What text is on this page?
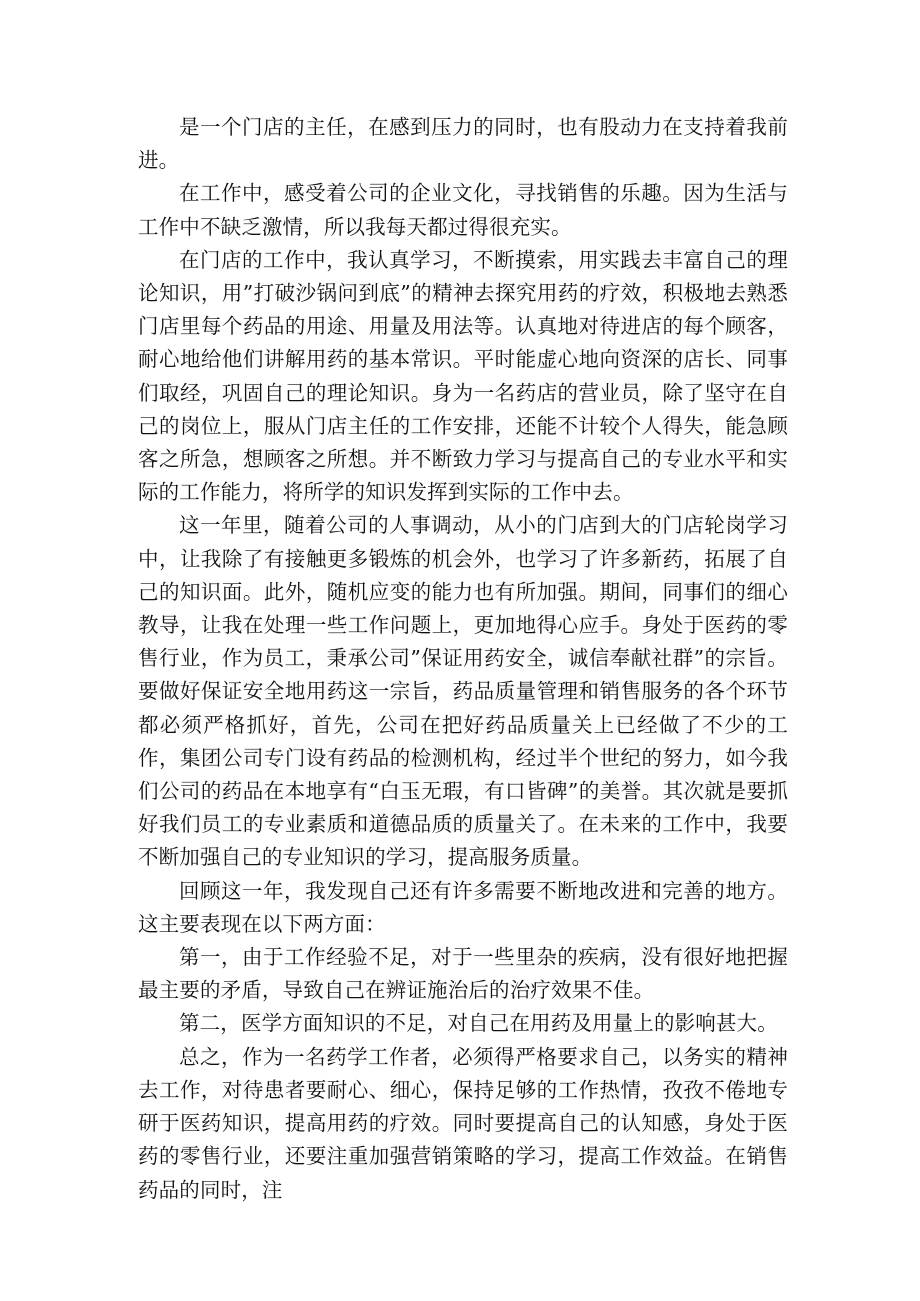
是一个门店的主任，在感到压力的同时，也有股动力在支持着我前进。

在工作中，感受着公司的企业文化，寻找销售的乐趣。因为生活与工作中不缺乏激情，所以我每天都过得很充实。

在门店的工作中，我认真学习，不断摸索，用实践去丰富自己的理论知识，用”打破沙锅问到底”的精神去探究用药的疗效，积极地去熟悉门店里每个药品的用途、用量及用法等。认真地对待进店的每个顾客，耐心地给他们讲解用药的基本常识。平时能虚心地向资深的店长、同事们取经，巩固自己的理论知识。身为一名药店的营业员，除了坚守在自己的岗位上，服从门店主任的工作安排，还能不计较个人得失，能急顾客之所急，想顾客之所想。并不断致力学习与提高自己的专业水平和实际的工作能力，将所学的知识发挥到实际的工作中去。

这一年里，随着公司的人事调动，从小的门店到大的门店轮岗学习中，让我除了有接触更多锻炼的机会外，也学习了许多新药，拓展了自己的知识面。此外，随机应变的能力也有所加强。期间，同事们的细心教导，让我在处理一些工作问题上，更加地得心应手。身处于医药的零售行业，作为员工，秉承公司”保证用药安全，诚信奉献社群”的宗旨。要做好保证安全地用药这一宗旨，药品质量管理和销售服务的各个环节都必须严格抓好，首先，公司在把好药品质量关上已经做了不少的工作，集团公司专门设有药品的检测机构，经过半个世纪的努力，如今我们公司的药品在本地享有“白玉无瑕，有口皆碑”的美誉。其次就是要抓好我们员工的专业素质和道德品质的质量关了。在未来的工作中，我要不断加强自己的专业知识的学习，提高服务质量。

回顾这一年，我发现自己还有许多需要不断地改进和完善的地方。这主要表现在以下两方面：

第一，由于工作经验不足，对于一些里杂的疾病，没有很好地把握最主要的矛盾，导致自己在辨证施治后的治疗效果不佳。

第二，医学方面知识的不足，对自己在用药及用量上的影响甚大。

总之，作为一名药学工作者，必须得严格要求自己，以务实的精神去工作，对待患者要耐心、细心，保持足够的工作热情，孜孜不倦地专研于医药知识，提高用药的疗效。同时要提高自己的认知感，身处于医药的零售行业，还要注重加强营销策略的学习，提高工作效益。在销售药品的同时，注
